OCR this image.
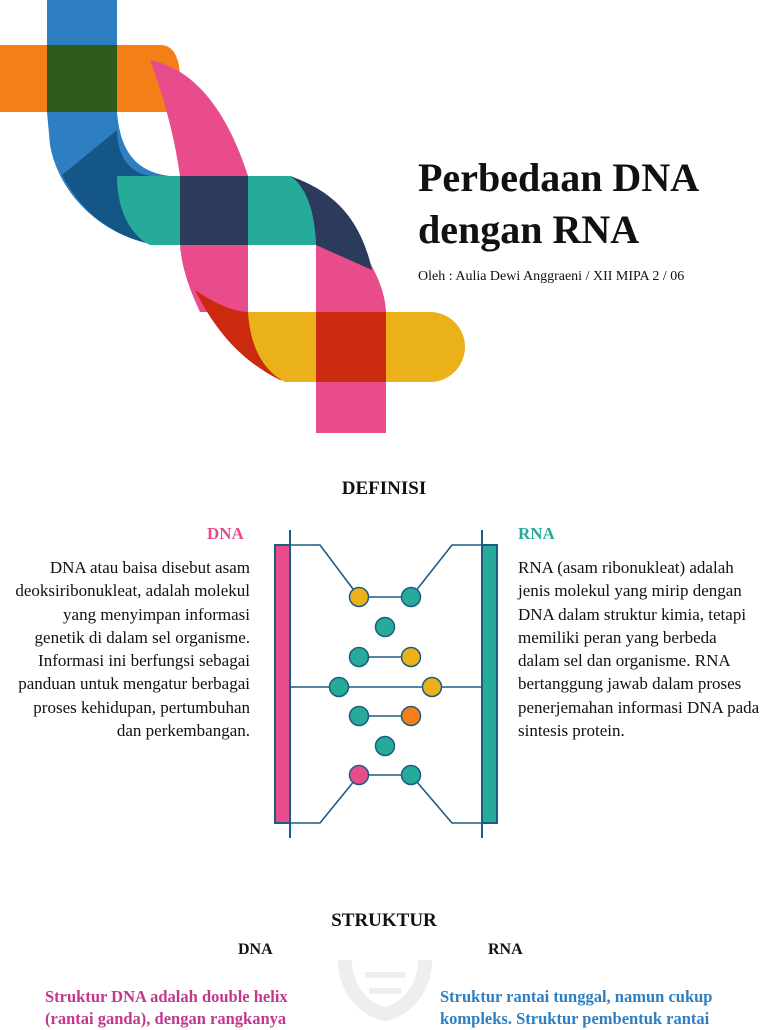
Perbedaan DNA
dengan RNA
Oleh : Aulia Dewi Anggraeni / XII MIPA 2 / 06
DEFINISI
DNA
DNA atau baisa disebut asam deoksiribonukleat, adalah molekul yang menyimpan informasi genetik di dalam sel organisme. Informasi ini berfungsi sebagai panduan untuk mengatur berbagai proses kehidupan, pertumbuhan dan perkembangan.
RNA
RNA (asam ribonukleat) adalah jenis molekul yang mirip dengan DNA dalam struktur kimia, tetapi memiliki peran yang berbeda dalam sel dan organisme. RNA bertanggung jawab dalam proses penerjemahan informasi DNA pada sintesis protein.
STRUKTUR
DNA	RNA
Struktur DNA adalah double helix
(rantai ganda), dengan rangkanya
Struktur rantai tunggal, namun cukup
kompleks. Struktur pembentuk rantai
